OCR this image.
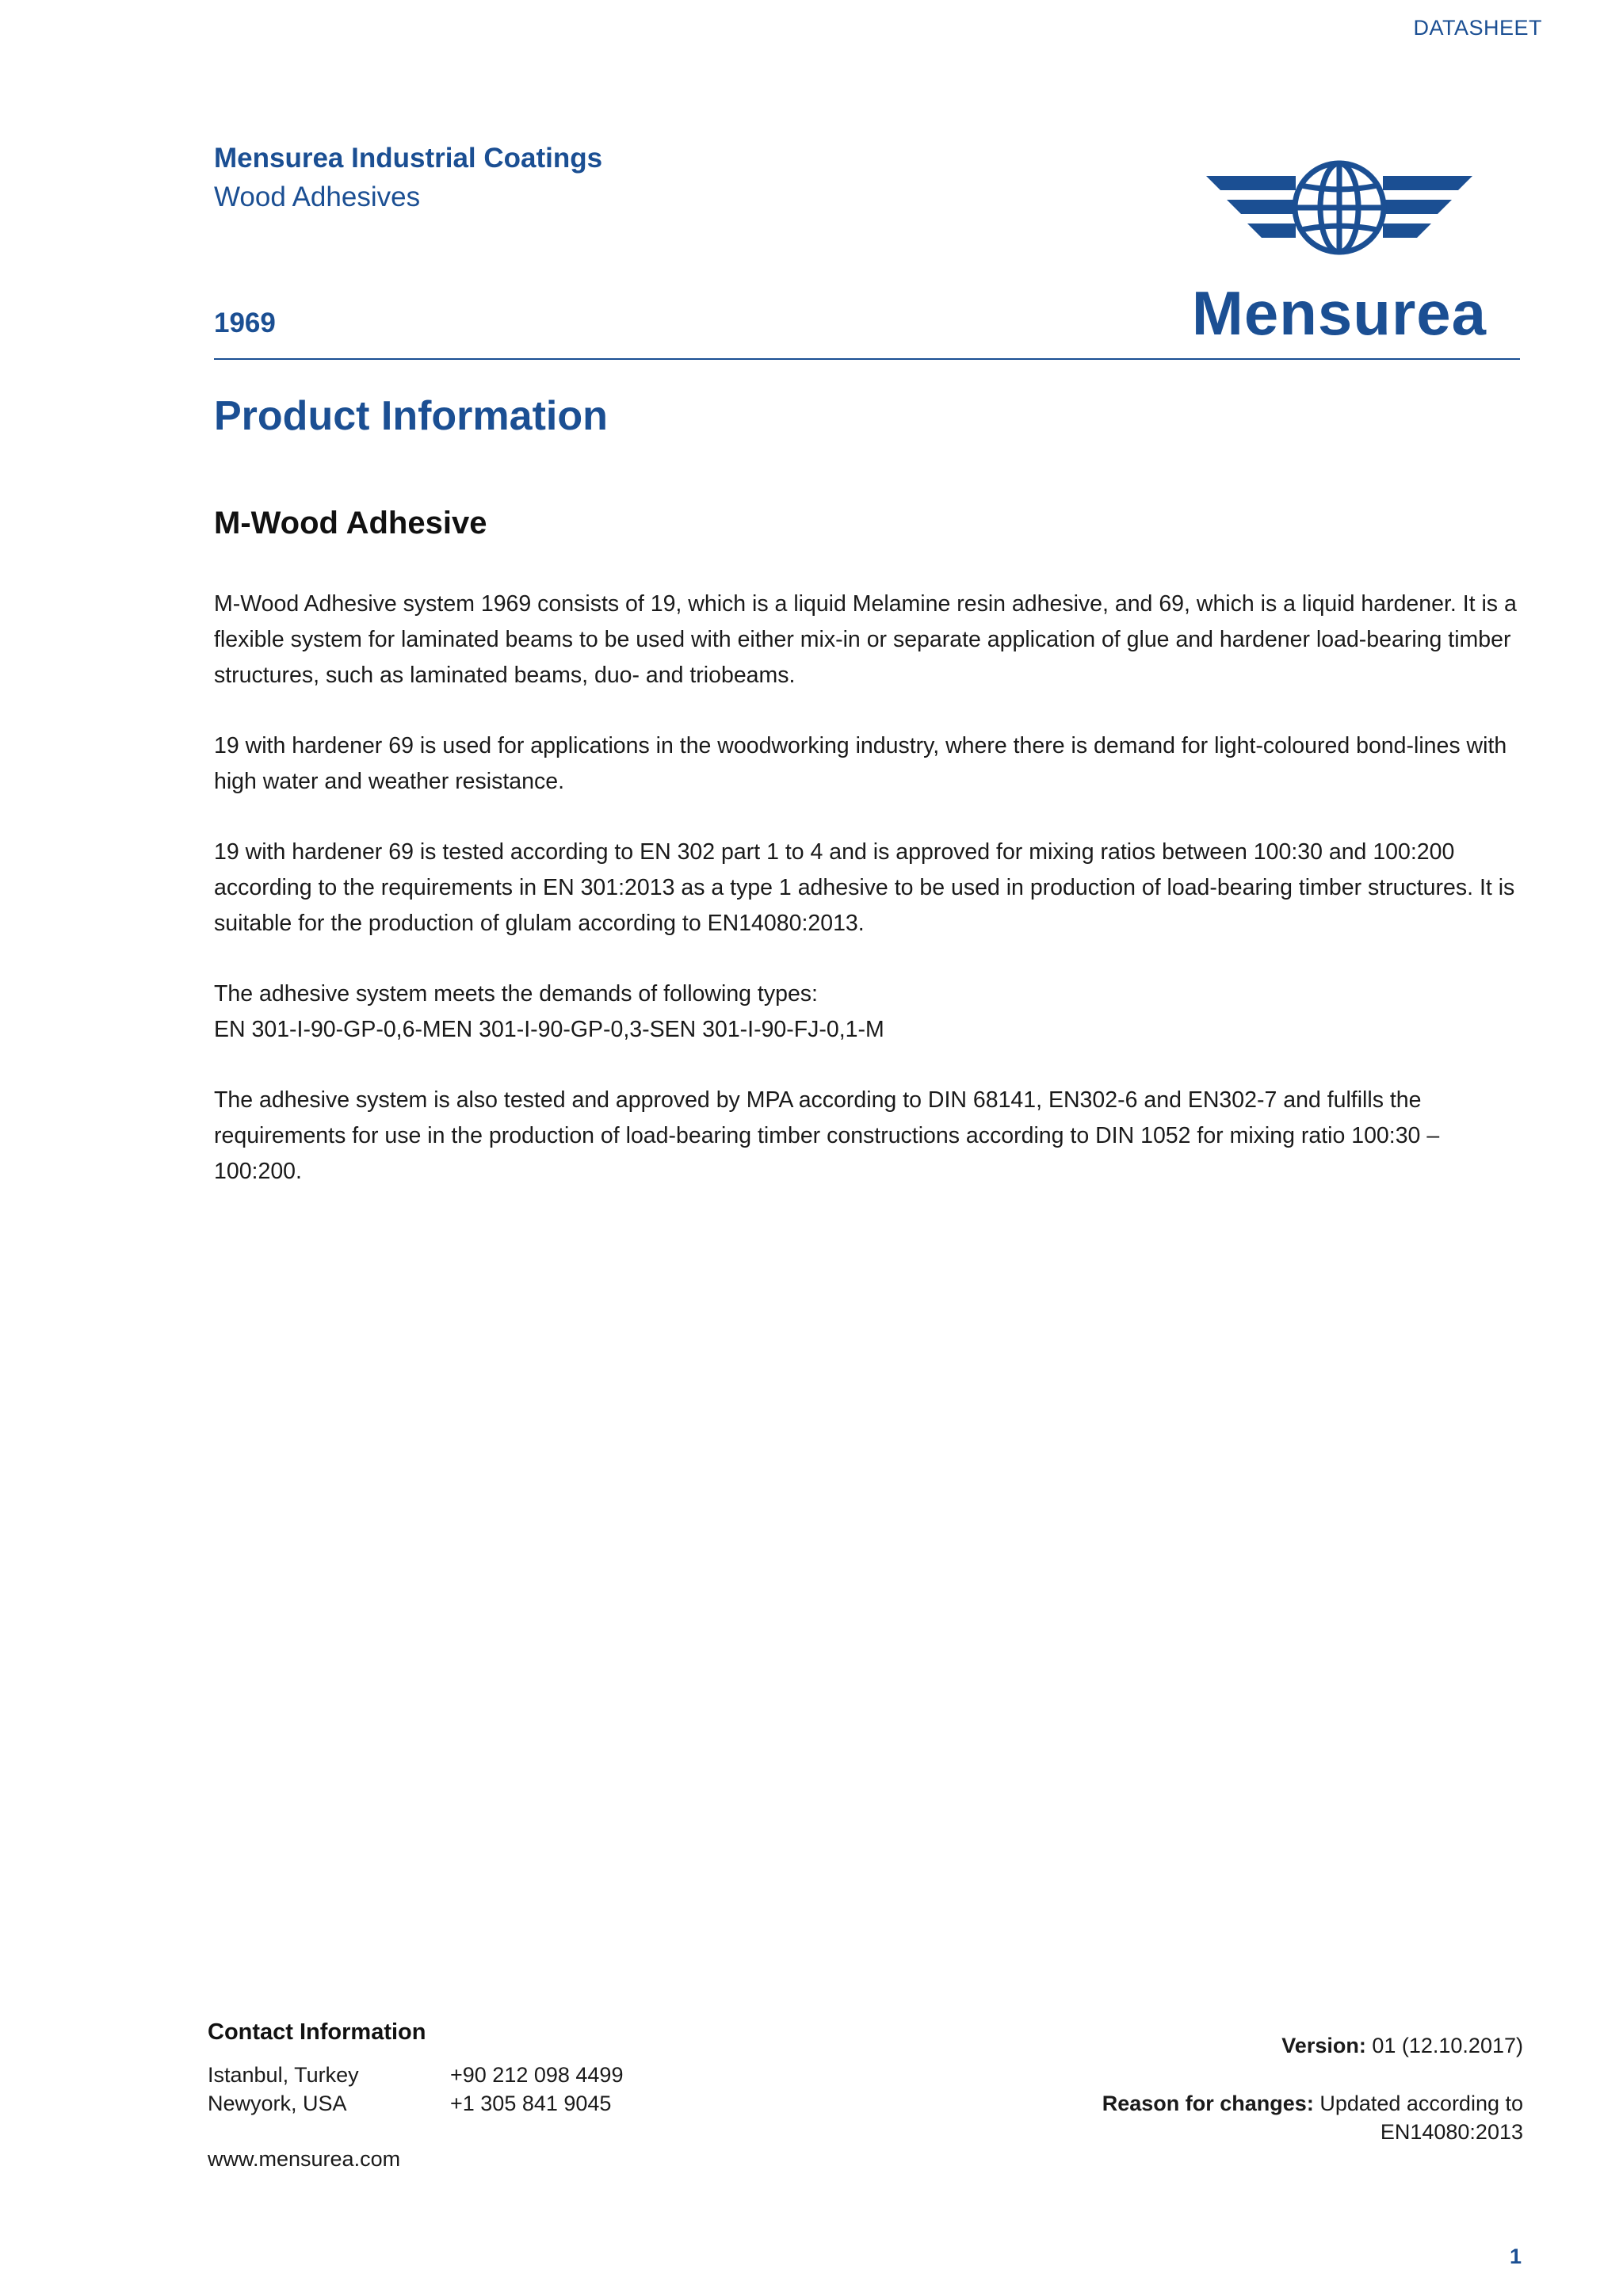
DATASHEET
Mensurea Industrial Coatings
Wood Adhesives
1969	Mensurea
Product Information
M-Wood Adhesive

M-Wood Adhesive system 1969 consists of 19, which is a liquid Melamine resin adhesive, and 69, which is a liquid hardener. It is a flexible system for laminated beams to be used with either mix-in or separate application of glue and hardener load-bearing timber structures, such as laminated beams, duo- and triobeams.

19 with hardener 69 is used for applications in the woodworking industry, where there is demand for light-coloured bond-lines with high water and weather resistance.

19 with hardener 69 is tested according to EN 302 part 1 to 4 and is approved for mixing ratios between 100:30 and 100:200 according to the requirements in EN 301:2013 as a type 1 adhesive to be used in production of load-bearing timber structures. It is suitable for the production of glulam according to EN14080:2013.

The adhesive system meets the demands of following types:
EN 301-I-90-GP-0,6-MEN 301-I-90-GP-0,3-SEN 301-I-90-FJ-0,1-M

The adhesive system is also tested and approved by MPA according to DIN 68141, EN302-6 and EN302-7 and fulfills the requirements for use in the production of load-bearing timber constructions according to DIN 1052 for mixing ratio 100:30 – 100:200.

Contact Information
Istanbul, Turkey	+90 212 098 4499
Newyork, USA	+1 305 841 9045
www.mensurea.com
Version: 01 (12.10.2017)
Reason for changes: Updated according to
EN14080:2013
1
